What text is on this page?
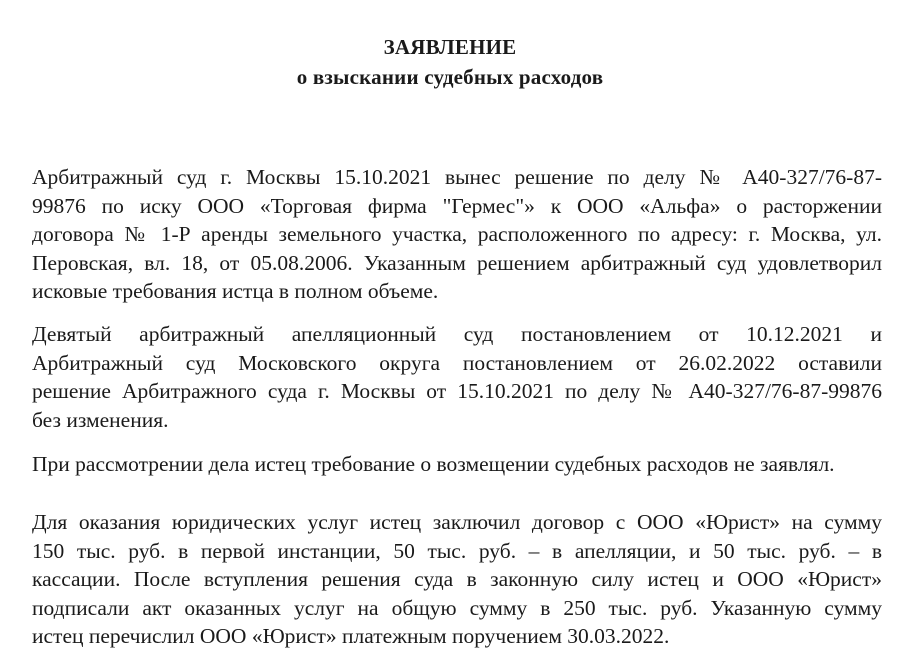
ЗАЯВЛЕНИЕ
о взыскании судебных расходов
Арбитражный суд г. Москвы 15.10.2021 вынес решение по делу № А40-327/76-87-
99876 по иску ООО «Торговая фирма "Гермес"» к ООО «Альфа» о расторжении
договора № 1-Р аренды земельного участка, расположенного по адресу: г. Москва, ул.
Перовская, вл. 18, от 05.08.2006. Указанным решением арбитражный суд удовлетворил
исковые требования истца в полном объеме.
Девятый арбитражный апелляционный суд постановлением от 10.12.2021 и
Арбитражный суд Московского округа постановлением от 26.02.2022 оставили
решение Арбитражного суда г. Москвы от 15.10.2021 по делу № А40-327/76-87-99876
без изменения.
При рассмотрении дела истец требование о возмещении судебных расходов не заявлял.
Для оказания юридических услуг истец заключил договор с ООО «Юрист» на сумму
150 тыс. руб. в первой инстанции, 50 тыс. руб. – в апелляции, и 50 тыс. руб. – в
кассации. После вступления решения суда в законную силу истец и ООО «Юрист»
подписали акт оказанных услуг на общую сумму в 250 тыс. руб. Указанную сумму
истец перечислил ООО «Юрист» платежным поручением 30.03.2022.
